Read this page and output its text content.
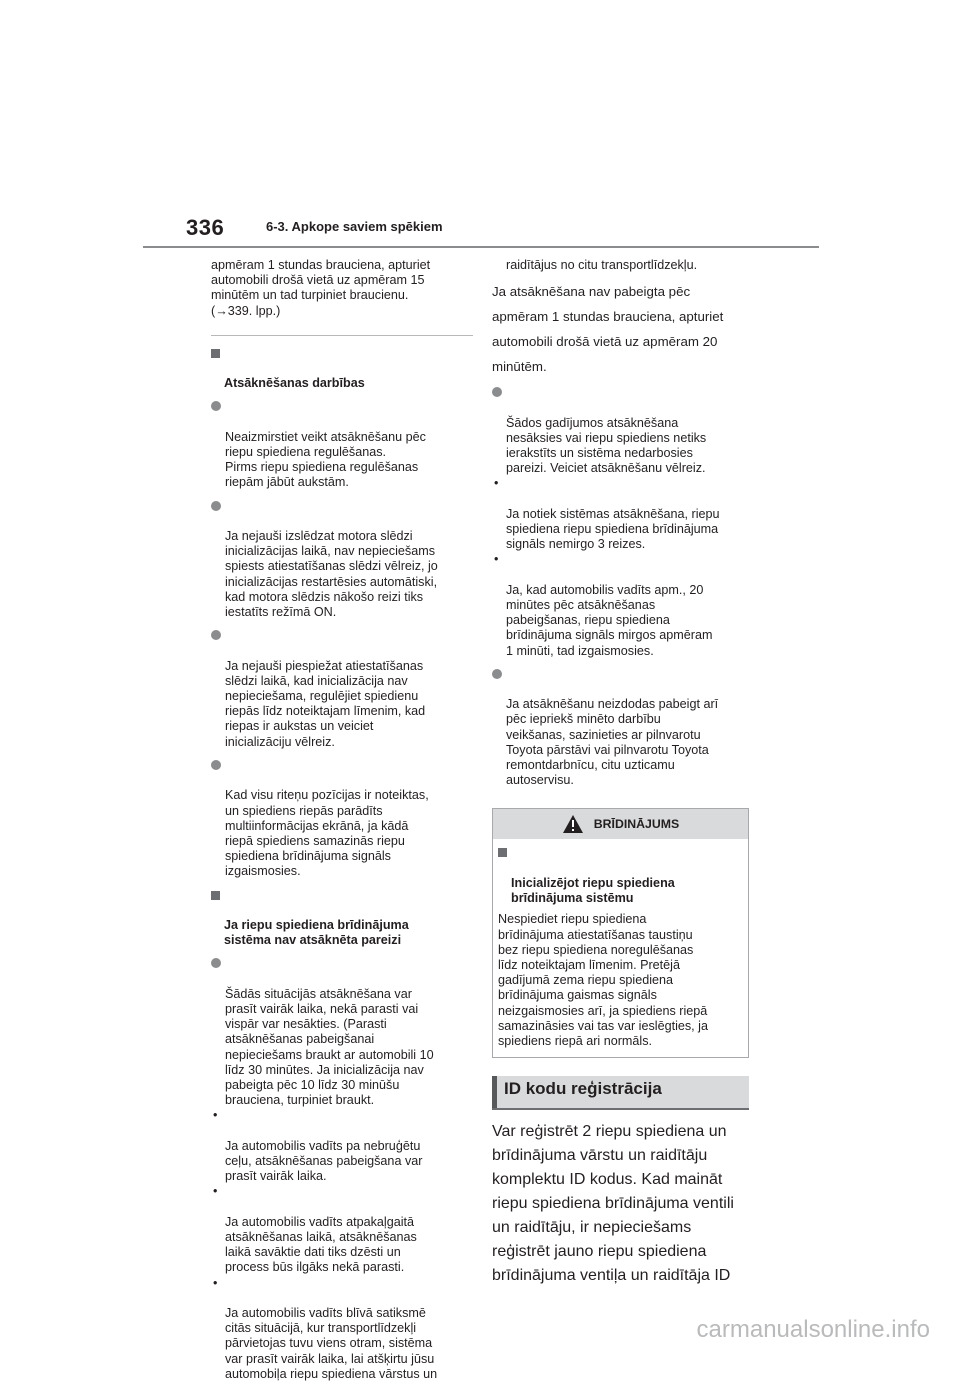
336	6-3. Apkope saviem spēkiem

apmēram 1 stundas brauciena, apturiet
automobili drošā vietā uz apmēram 15
minūtēm un tad turpiniet braucienu.
(→339. lpp.)

Atsāknēšanas darbības

Neaizmirstiet veikt atsāknēšanu pēc
riepu spiediena regulēšanas.
Pirms riepu spiediena regulēšanas
riepām jābūt aukstām.

Ja nejauši izslēdzat motora slēdzi
inicializācijas laikā, nav nepieciešams
spiests atiestatīšanas slēdzi vēlreiz, jo
inicializācijas restartēsies automātiski,
kad motora slēdzis nākošo reizi tiks
iestatīts režīmā ON.

Ja nejauši piespiežat atiestatīšanas
slēdzi laikā, kad inicializācija nav
nepieciešama, regulējiet spiedienu
riepās līdz noteiktajam līmenim, kad
riepas ir aukstas un veiciet
inicializāciju vēlreiz.

Kad visu riteņu pozīcijas ir noteiktas,
un spiediens riepās parādīts
multiinformācijas ekrānā, ja kādā
riepā spiediens samazinās riepu
spiediena brīdinājuma signāls
izgaismosies.

Ja riepu spiediena brīdinājuma
sistēma nav atsāknēta pareizi

Šādās situācijās atsāknēšana var
prasīt vairāk laika, nekā parasti vai
vispār var nesākties. (Parasti
atsāknēšanas pabeigšanai
nepieciešams braukt ar automobili 10
līdz 30 minūtes. Ja inicializācija nav
pabeigta pēc 10 līdz 30 minūšu
brauciena, turpiniet braukt.

•

Ja automobilis vadīts pa nebruģētu
ceļu, atsāknēšanas pabeigšana var
prasīt vairāk laika.

•

Ja automobilis vadīts atpakaļgaitā
atsāknēšanas laikā, atsāknēšanas
laikā savāktie dati tiks dzēsti un
process būs ilgāks nekā parasti.

•

Ja automobilis vadīts blīvā satiksmē
citās situācijā, kur transportlīdzekļi
pārvietojas tuvu viens otram, sistēma
var prasīt vairāk laika, lai atšķirtu jūsu
automobiļa riepu spiediena vārstus un

raidītājus no citu transportlīdzekļu.

Ja atsāknēšana nav pabeigta pēc
apmēram 1 stundas brauciena, apturiet
automobili drošā vietā uz apmēram 20
minūtēm.

Šādos gadījumos atsāknēšana
nesāksies vai riepu spiediens netiks
ierakstīts un sistēma nedarbosies
pareizi. Veiciet atsāknēšanu vēlreiz.

•

Ja notiek sistēmas atsāknēšana, riepu
spiediena riepu spiediena brīdinājuma
signāls nemirgo 3 reizes.

•

Ja, kad automobilis vadīts apm., 20
minūtes pēc atsāknēšanas
pabeigšanas, riepu spiediena
brīdinājuma signāls mirgos apmēram
1 minūti, tad izgaismosies.

Ja atsāknēšanu neizdodas pabeigt arī
pēc iepriekš minēto darbību
veikšanas, sazinieties ar pilnvarotu
Toyota pārstāvi vai pilnvarotu Toyota
remontdarbnīcu, citu uzticamu
autoservisu.

BRĪDINĀJUMS

Inicializējot riepu spiediena
brīdinājuma sistēmu

Nespiediet riepu spiediena
brīdinājuma atiestatīšanas taustiņu
bez riepu spiediena noregulēšanas
līdz noteiktajam līmenim. Pretējā
gadījumā zema riepu spiediena
brīdinājuma gaismas signāls
neizgaismosies arī, ja spiediens riepā
samazināsies vai tas var ieslēgties, ja
spiediens riepā ari normāls.

ID kodu reģistrācija
Var reģistrēt 2 riepu spiediena un
brīdinājuma vārstu un raidītāju
komplektu ID kodus. Kad maināt
riepu spiediena brīdinājuma ventili
un raidītāju, ir nepieciešams
reģistrēt jauno riepu spiediena
brīdinājuma ventiļa un raidītāja ID
carmanualsonline.info
